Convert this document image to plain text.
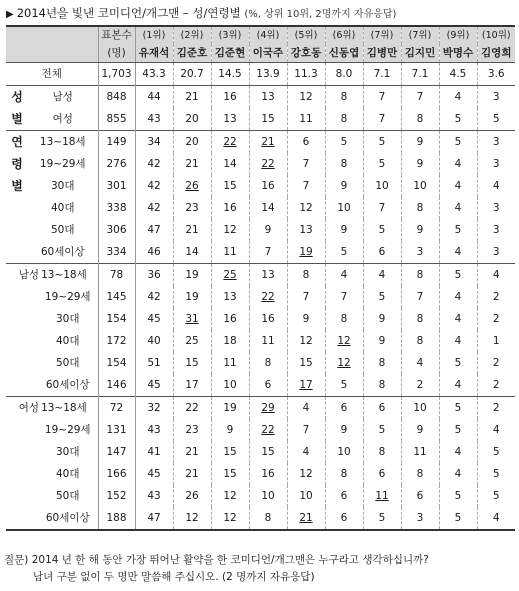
▶ 2014년을 빛낸 코미디언/개그맨 – 성/연령별 (%, 상위 10위, 2명까지 자유응답)
		표본수	(1위)	(2위)	(3위)	(4위)	(5위)	(6위)	(7위)	(7위)	(9위)	(10위)
		(명)	유재석	김준호	김준현	이국주	강호동	신동엽	김병만	김지민	박명수	김영희
전체		1,703	43.3	20.7	14.5	13.9	11.3	8.0	7.1	7.1	4.5	3.6

성
별	남성	848	44	21	16	13	12	8	7	7	4	3
	여성	855	43	20	13	15	11	8	7	8	5	5

연
령
별	13~18세	149	34	20	22	21	6	5	5	9	5	3
	19~29세	276	42	21	14	22	7	8	5	9	4	3
	30대	301	42	26	15	16	7	9	10	10	4	4
	40대	338	42	23	16	14	12	10	7	8	4	3
	50대	306	47	21	12	9	13	9	5	9	5	3
	60세이상	334	46	14	11	7	19	5	6	3	4	3
남성 13~18세		78	36	19	25	13	8	4	4	8	5	4
19~29세		145	42	19	13	22	7	7	5	7	4	2
30대		154	45	31	16	16	9	8	9	8	4	2
40대		172	40	25	18	11	12	12	9	8	4	1
50대		154	51	15	11	8	15	12	8	4	5	2
60세이상		146	45	17	10	6	17	5	8	2	4	2
여성 13~18세		72	32	22	19	29	4	6	6	10	5	2
19~29세		131	43	23	9	22	7	9	5	9	5	4
30대		147	41	21	15	15	4	10	8	11	4	5
40대		166	45	21	15	16	12	8	6	8	4	5
50대		152	43	26	12	10	10	6	11	6	5	5
60세이상		188	47	12	12	8	21	6	5	3	5	4
질문) 2014 년 한 해 동안 가장 뛰어난 활약을 한 코미디언/개그맨은 누구라고 생각하십니까?
남녀 구분 없이 두 명만 말씀해 주십시오. (2 명까지 자유응답)
